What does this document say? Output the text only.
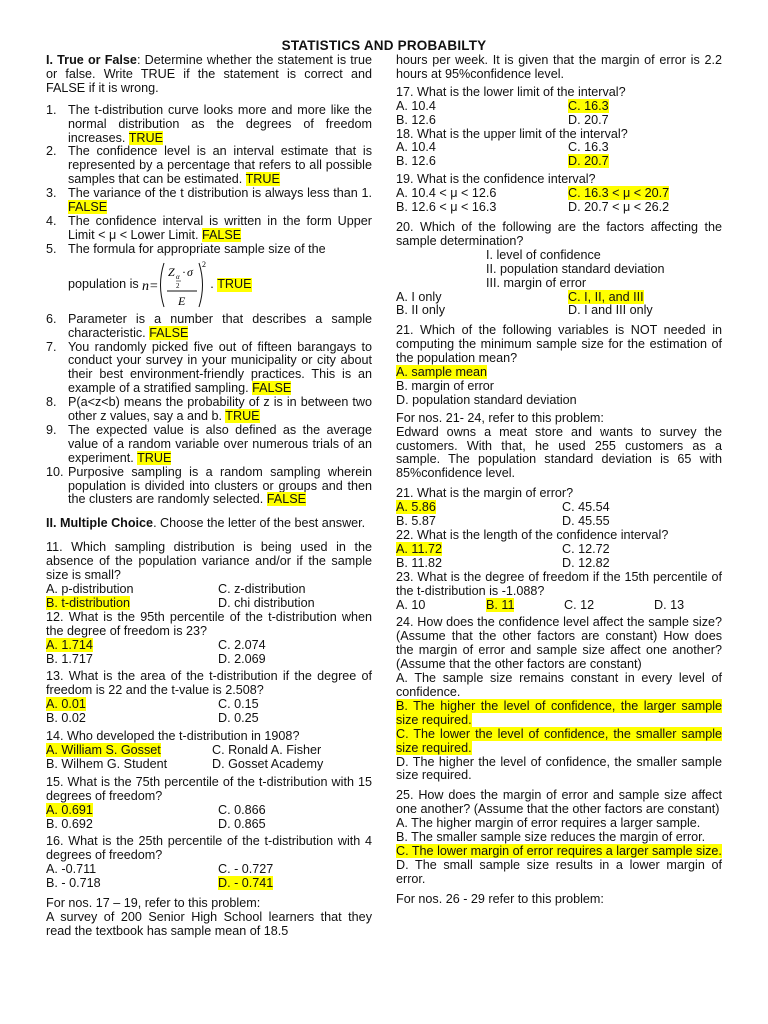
STATISTICS AND PROBABILTY
I. True or False: Determine whether the statement is true or false. Write TRUE if the statement is correct and FALSE if it is wrong.
1. The t-distribution curve looks more and more like the normal distribution as the degrees of freedom increases. TRUE
2. The confidence level is an interval estimate that is represented by a percentage that refers to all possible samples that can be estimated. TRUE
3. The variance of the t distribution is always less than 1. FALSE
4. The confidence interval is written in the form Upper Limit < μ < Lower Limit. FALSE
5. The formula for appropriate sample size of the
population is
n=
Z α
2
· σ
E
2
. TRUE
6. Parameter is a number that describes a sample characteristic. FALSE
7. You randomly picked five out of fifteen barangays to conduct your survey in your municipality or city about their best environment-friendly practices. This is an example of a stratified sampling. FALSE
8. P(a<z<b) means the probability of z is in between two other z values, say a and b. TRUE
9. The expected value is also defined as the average value of a random variable over numerous trials of an experiment. TRUE
10. Purposive sampling is a random sampling wherein population is divided into clusters or groups and then the clusters are randomly selected. FALSE
II. Multiple Choice. Choose the letter of the best answer.
11. Which sampling distribution is being used in the absence of the population variance and/or if the sample size is small?
A. p-distribution	C. z-distribution
B. t-distribution	D. chi distribution
12. What is the 95th percentile of the t-distribution when the degree of freedom is 23?
A. 1.714	C. 2.074
B. 1.717	D. 2.069
13. What is the area of the t-distribution if the degree of freedom is 22 and the t-value is 2.508?
A. 0.01	C. 0.15
B. 0.02	D. 0.25
14. Who developed the t-distribution in 1908?
A. William S. Gosset	C. Ronald A. Fisher
B. Wilhem G. Student	D. Gosset Academy
15. What is the 75th percentile of the t-distribution with 15 degrees of freedom?
A. 0.691	C. 0.866
B. 0.692	D. 0.865
16. What is the 25th percentile of the t-distribution with 4 degrees of freedom?
A. -0.711	C. - 0.727
B. - 0.718	D. - 0.741
For nos. 17 – 19, refer to this problem:
A survey of 200 Senior High School learners that they read the textbook has sample mean of 18.5
hours per week. It is given that the margin of error is 2.2 hours at 95%confidence level.
17. What is the lower limit of the interval?
A. 10.4	C. 16.3
B. 12.6	D. 20.7
18. What is the upper limit of the interval?
A. 10.4	C. 16.3
B. 12.6	D. 20.7
19. What is the confidence interval?
A. 10.4 < μ < 12.6	C. 16.3 < μ < 20.7
B. 12.6 < μ < 16.3	D. 20.7 < μ < 26.2
20. Which of the following are the factors affecting the sample determination?
I. level of confidence
II. population standard deviation
III. margin of error
A. I only	C. I, II, and III
B. II only	D. I and III only
21. Which of the following variables is NOT needed in computing the minimum sample size for the estimation of the population mean?
A. sample mean
B. margin of error
D. population standard deviation
For nos. 21- 24, refer to this problem:
Edward owns a meat store and wants to survey the customers. With that, he used 255 customers as a sample. The population standard deviation is 65 with 85%confidence level.
21. What is the margin of error?
A. 5.86	C. 45.54
B. 5.87	D. 45.55
22. What is the length of the confidence interval?
A. 11.72	C. 12.72
B. 11.82	D. 12.82
23. What is the degree of freedom if the 15th percentile of the t-distribution is -1.088?
A. 10	B. 11	C. 12	D. 13
24. How does the confidence level affect the sample size? (Assume that the other factors are constant) How does the margin of error and sample size affect one another? (Assume that the other factors are constant)
A. The sample size remains constant in every level of confidence.
B. The higher the level of confidence, the larger sample size required.
C. The lower the level of confidence, the smaller sample size required.
D. The higher the level of confidence, the smaller sample size required.
25. How does the margin of error and sample size affect one another? (Assume that the other factors are constant)
A. The higher margin of error requires a larger sample.
B. The smaller sample size reduces the margin of error.
C. The lower margin of error requires a larger sample size.
D. The small sample size results in a lower margin of error.
For nos. 26 - 29 refer to this problem:
